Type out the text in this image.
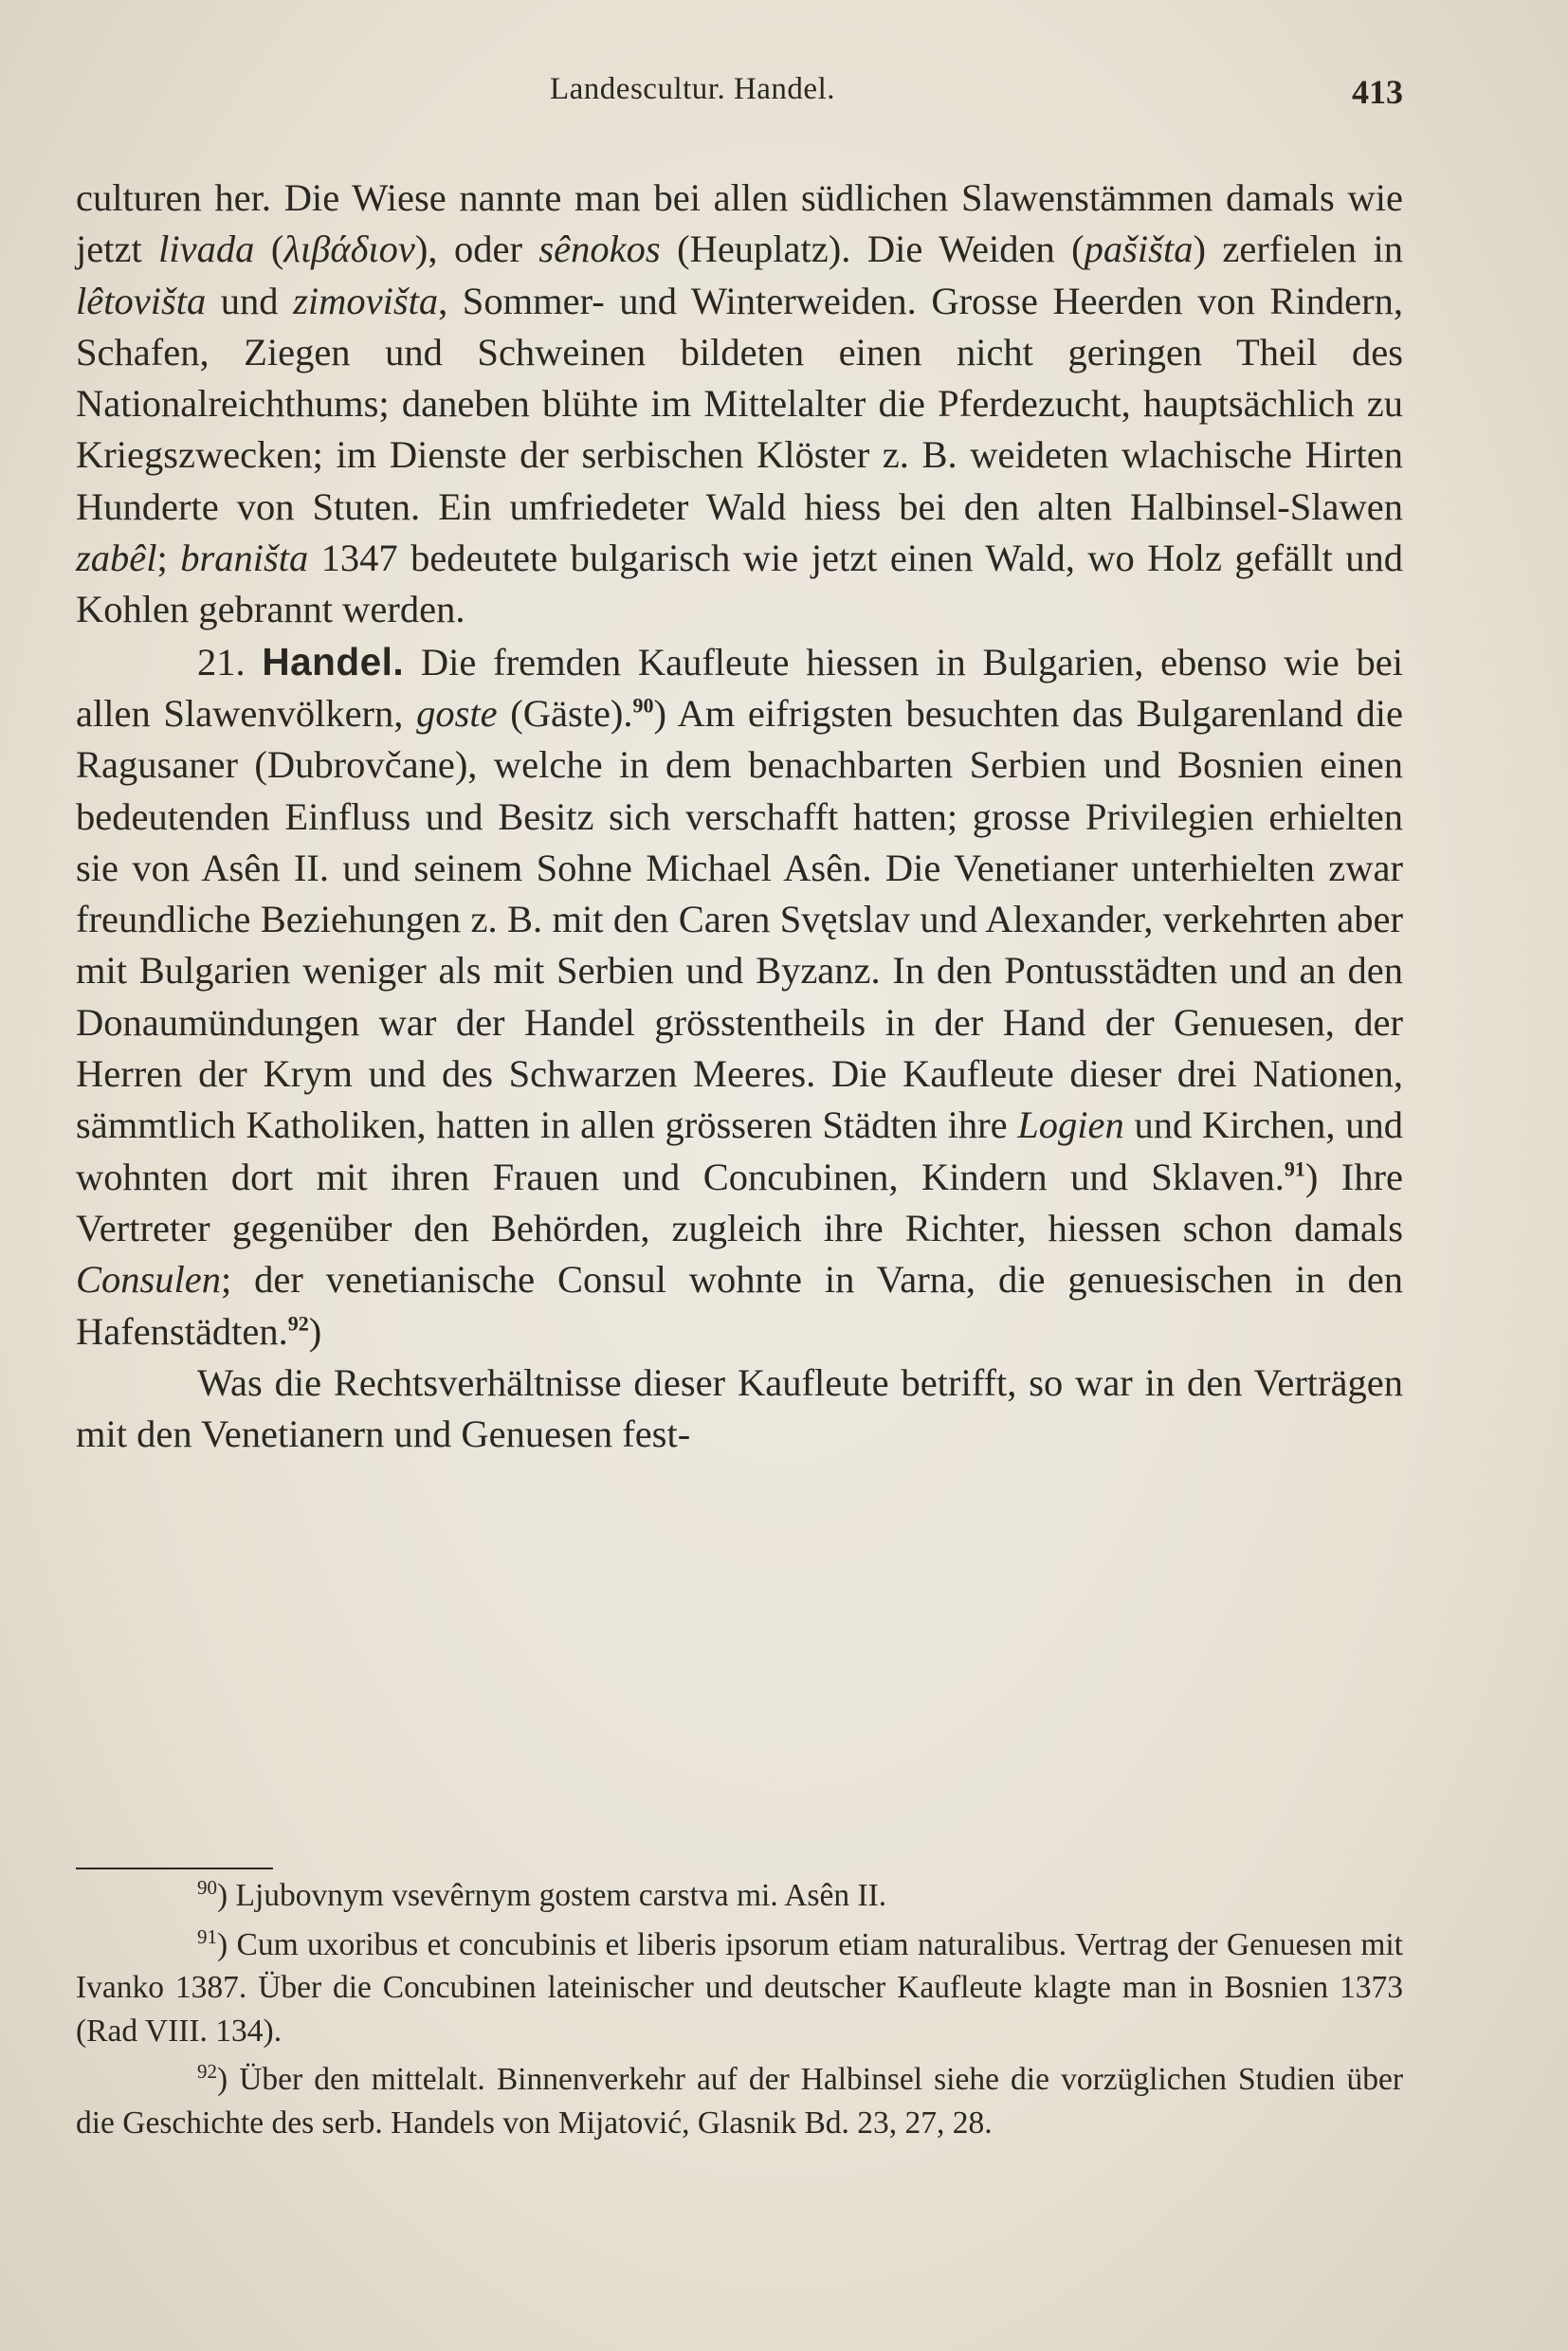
Landescultur. Handel.	413

culturen her. Die Wiese nannte man bei allen südlichen Slawenstämmen damals wie jetzt livada (λιβάδιον), oder sênokos (Heuplatz). Die Weiden (pašišta) zerfielen in lêtovišta und zimovišta, Sommer- und Winterweiden. Grosse Heerden von Rindern, Schafen, Ziegen und Schweinen bildeten einen nicht geringen Theil des Nationalreichthums; daneben blühte im Mittelalter die Pferdezucht, hauptsächlich zu Kriegszwecken; im Dienste der serbischen Klöster z. B. weideten wlachische Hirten Hunderte von Stuten. Ein umfriedeter Wald hiess bei den alten Halbinsel-Slawen zabêl; braništa 1347 bedeutete bulgarisch wie jetzt einen Wald, wo Holz gefällt und Kohlen gebrannt werden.

21. Handel. Die fremden Kaufleute hiessen in Bulgarien, ebenso wie bei allen Slawenvölkern, goste (Gäste).$^{90}$) Am eifrigsten besuchten das Bulgarenland die Ragusaner (Dubrovčane), welche in dem benachbarten Serbien und Bosnien einen bedeutenden Einfluss und Besitz sich verschafft hatten; grosse Privilegien erhielten sie von Asên II. und seinem Sohne Michael Asên. Die Venetianer unterhielten zwar freundliche Beziehungen z. B. mit den Caren Svętslav und Alexander, verkehrten aber mit Bulgarien weniger als mit Serbien und Byzanz. In den Pontusstädten und an den Donaumündungen war der Handel grösstentheils in der Hand der Genuesen, der Herren der Krym und des Schwarzen Meeres. Die Kaufleute dieser drei Nationen, sämmtlich Katholiken, hatten in allen grösseren Städten ihre Logien und Kirchen, und wohnten dort mit ihren Frauen und Concubinen, Kindern und Sklaven.$^{91}$) Ihre Vertreter gegenüber den Behörden, zugleich ihre Richter, hiessen schon damals Consulen; der venetianische Consul wohnte in Varna, die genuesischen in den Hafenstädten.$^{92}$)

Was die Rechtsverhältnisse dieser Kaufleute betrifft, so war in den Verträgen mit den Venetianern und Genuesen fest-

$^{90}$) Ljubovnym vsevêrnym gostem carstva mi. Asên II.

$^{91}$) Cum uxoribus et concubinis et liberis ipsorum etiam naturalibus. Vertrag der Genuesen mit Ivanko 1387. Über die Concubinen lateinischer und deutscher Kaufleute klagte man in Bosnien 1373 (Rad VIII. 134).

$^{92}$) Über den mittelalt. Binnenverkehr auf der Halbinsel siehe die vorzüglichen Studien über die Geschichte des serb. Handels von Mijatović, Glasnik Bd. 23, 27, 28.
